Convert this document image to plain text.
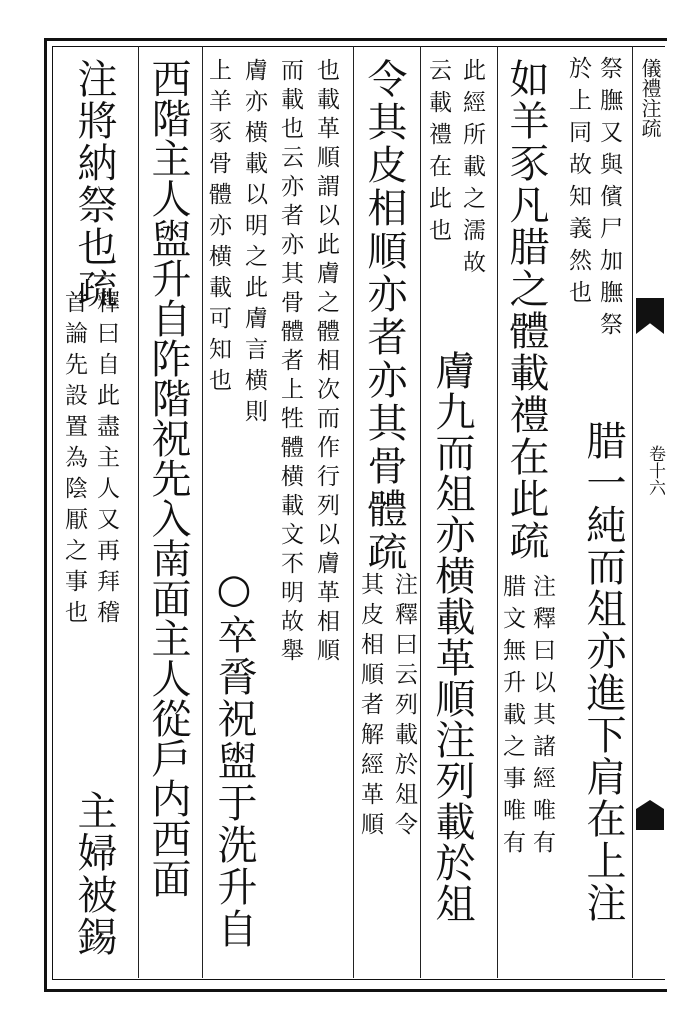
儀禮注疏
卷十六
祭膴又與儐尸加膴祭
於上同故知義然也
腊一純而俎亦進下肩在上注
注釋曰以其諸經唯有
腊文無升載之事唯有
如羊豕凡腊之體載禮在此疏
此經所載之濡故
云載禮在此也
膚九而俎亦横載革順注列載於俎
注釋曰云列載於俎令
其皮相順者解經革順
令其皮相順亦者亦其骨體疏
也載革順謂以此膚之體相次而作行列以膚革相順
而載也云亦者亦其骨體者上牲體横載文不明故舉
膚亦横載以明之此膚言横則
上羊豕骨體亦横載可知也
○卒脀祝盥于洗升自
西階主人盥升自阼階祝先入南面主人從戶内西面
注將納祭也疏
釋曰自此盡主人又再拜稽
首論先設置為陰厭之事也
主婦被錫
